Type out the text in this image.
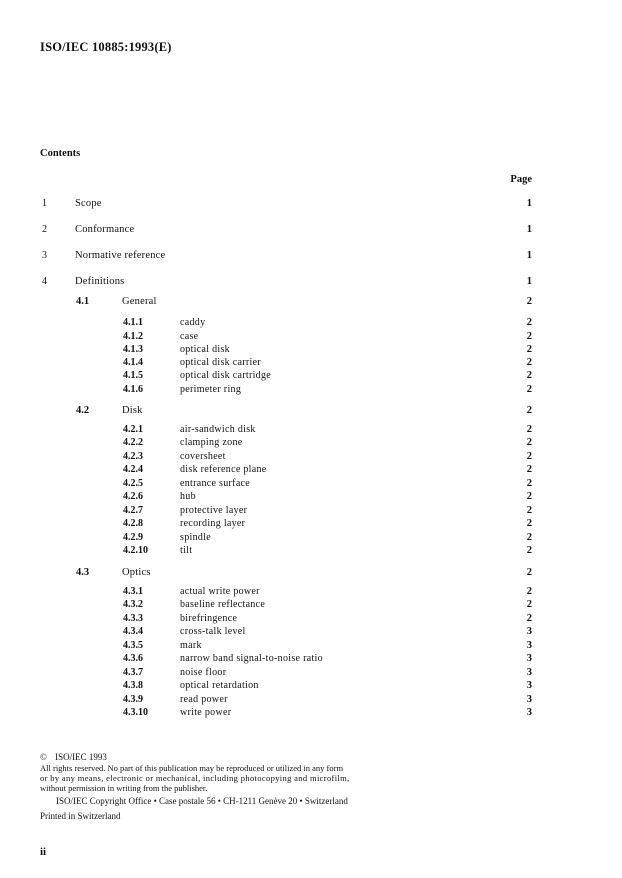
ISO/IEC 10885:1993(E)
Contents
Page
1	Scope	1
2	Conformance	1
3	Normative reference	1
4	Definitions	1
4.1	General	2
4.1.1	caddy	2
4.1.2	case	2
4.1.3	optical disk	2
4.1.4	optical disk carrier	2
4.1.5	optical disk cartridge	2
4.1.6	perimeter ring	2
4.2	Disk	2
4.2.1	air-sandwich disk	2
4.2.2	clamping zone	2
4.2.3	coversheet	2
4.2.4	disk reference plane	2
4.2.5	entrance surface	2
4.2.6	hub	2
4.2.7	protective layer	2
4.2.8	recording layer	2
4.2.9	spindle	2
4.2.10	tilt	2
4.3	Optics	2
4.3.1	actual write power	2
4.3.2	baseline reflectance	2
4.3.3	birefringence	2
4.3.4	cross-talk level	3
4.3.5	mark	3
4.3.6	narrow band signal-to-noise ratio	3
4.3.7	noise floor	3
4.3.8	optical retardation	3
4.3.9	read power	3
4.3.10	write power	3
© ISO/IEC 1993
All rights reserved. No part of this publication may be reproduced or utilized in any form
or by any means, electronic or mechanical, including photocopying and microfilm,
without permission in writing from the publisher.
ISO/IEC Copyright Office • Case postale 56 • CH-1211 Genève 20 • Switzerland
Printed in Switzerland
ii
